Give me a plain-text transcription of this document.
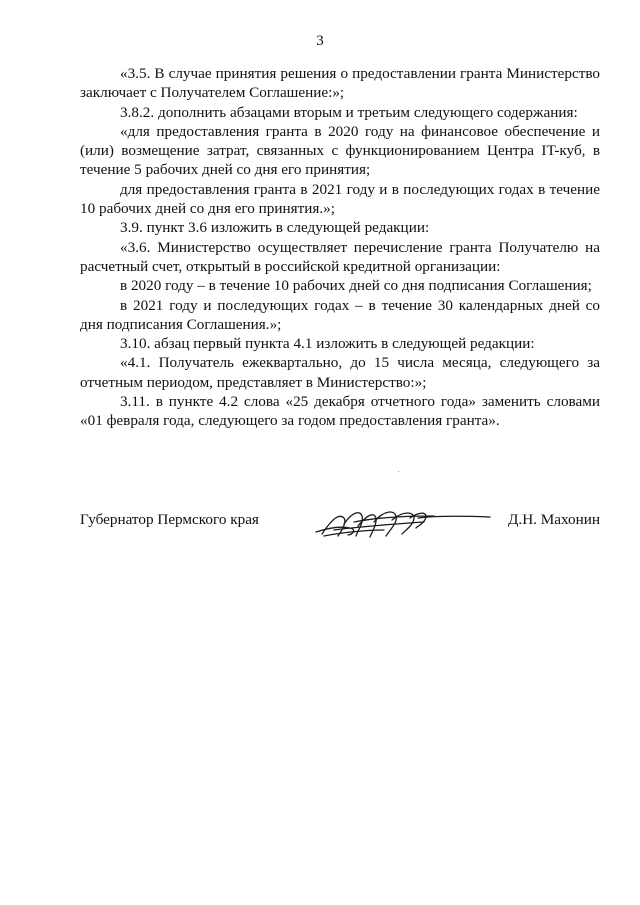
3

«3.5. В случае принятия решения о предоставлении гранта Министерство заключает с Получателем Соглашение:»;

3.8.2. дополнить абзацами вторым и третьим следующего содержания:

«для предоставления гранта в 2020 году на финансовое обеспечение и (или) возмещение затрат, связанных с функционированием Центра IT-куб, в течение 5 рабочих дней со дня его принятия;

для предоставления гранта в 2021 году и в последующих годах в течение 10 рабочих дней со дня его принятия.»;

3.9. пункт 3.6 изложить в следующей редакции:

«3.6. Министерство осуществляет перечисление гранта Получателю на расчетный счет, открытый в российской кредитной организации:

в 2020 году – в течение 10 рабочих дней со дня подписания Соглашения;

в 2021 году и последующих годах – в течение 30 календарных дней со дня подписания Соглашения.»;

3.10. абзац первый пункта 4.1 изложить в следующей редакции:

«4.1. Получатель ежеквартально, до 15 числа месяца, следующего за отчетным периодом, представляет в Министерство:»;

3.11. в пункте 4.2 слова «25 декабря отчетного года» заменить словами «01 февраля года, следующего за годом предоставления гранта».

Губернатор Пермского края	Д.Н. Махонин
